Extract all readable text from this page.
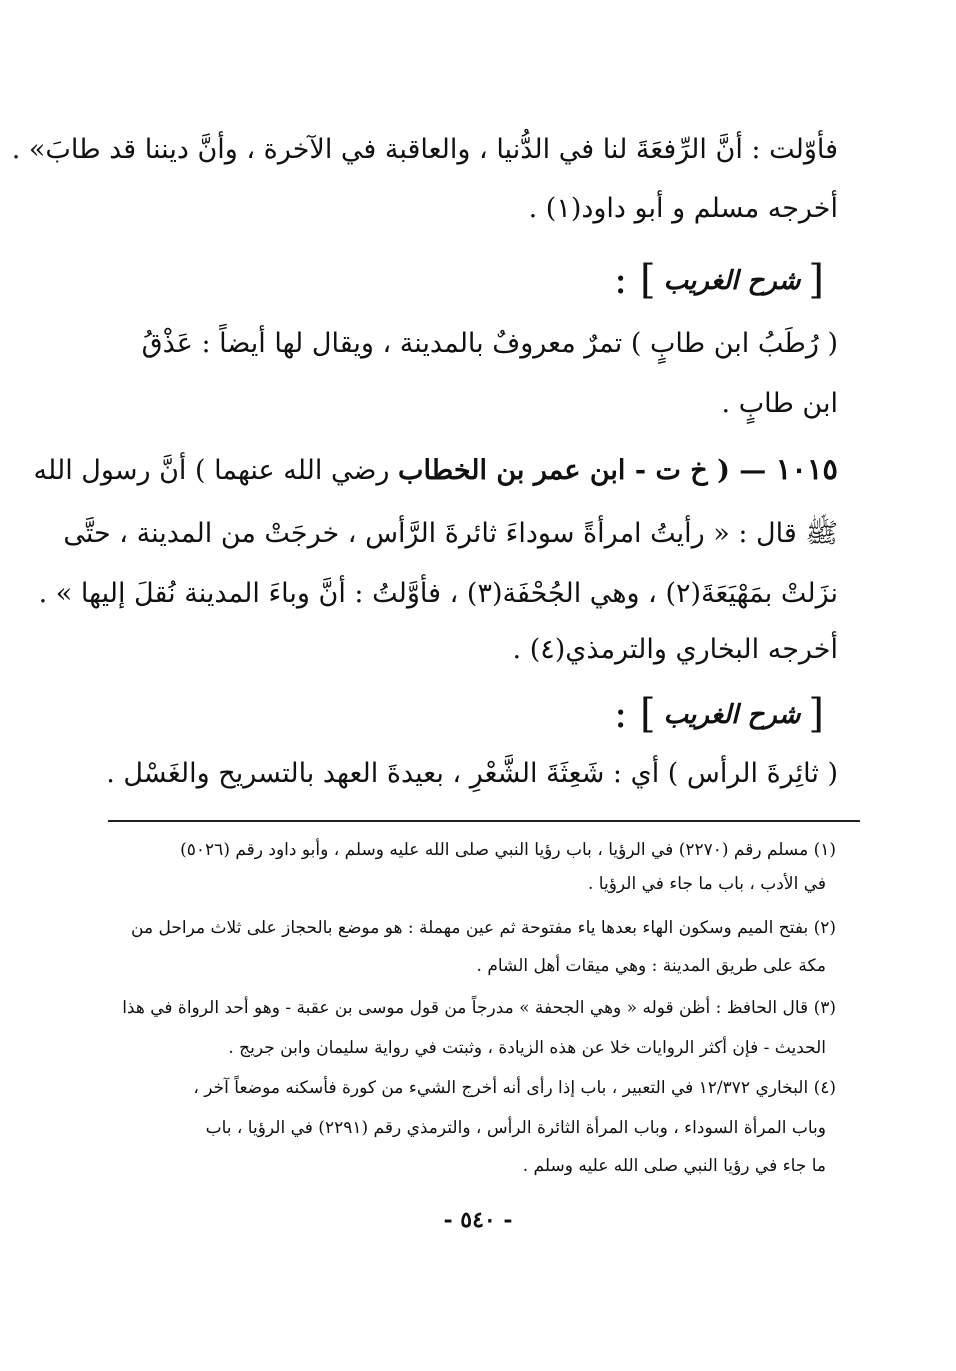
فأوّلت : أنَّ الرِّفعَةَ لنا في الدُّنيا ، والعاقبة في الآخرة ، وأنَّ ديننا قد طابَ» .
أخرجه مسلم و أبو داود(١) .
[شرح الغريب] :
( رُطَبُ ابن طابٍ ) تمرٌ معروفٌ بالمدينة ، ويقال لها أيضاً : عَذْقُ
ابن طابٍ .
١٠١٥ — ( خ ت - ابن عمر بن الخطاب رضي الله عنهما ) أنَّ رسول الله
ﷺ قال : « رأيتُ امرأةً سوداءَ ثائرةَ الرَّأس ، خرجَتْ من المدينة ، حتَّى
نزَلتْ بمَهْيَعَةَ(٢) ، وهي الجُحْفَة(٣) ، فأوَّلتُ : أنَّ وباءَ المدينة نُقلَ إليها » .
أخرجه البخاري والترمذي(٤) .
[شرح الغريب] :
( ثائِرةَ الرأس ) أي : شَعِثَةَ الشَّعْرِ ، بعيدةَ العهد بالتسريح والغَسْل .
(١) مسلم رقم (٢٢٧٠) في الرؤيا ، باب رؤيا النبي صلى الله عليه وسلم ، وأبو داود رقم (٥٠٢٦)
في الأدب ، باب ما جاء في الرؤيا .
(٢) بفتح الميم وسكون الهاء بعدها ياء مفتوحة ثم عين مهملة : هو موضع بالحجاز على ثلاث مراحل من
مكة على طريق المدينة : وهي ميقات أهل الشام .
(٣) قال الحافظ : أظن قوله « وهي الجحفة » مدرجاً من قول موسى بن عقبة - وهو أحد الرواة في هذا
الحديث - فإن أكثر الروايات خلا عن هذه الزيادة ، وثبتت في رواية سليمان وابن جريج .
(٤) البخاري ١٢/٣٧٢ في التعبير ، باب إذا رأى أنه أخرج الشيء من كورة فأسكنه موضعاً آخر ،
وباب المرأة السوداء ، وباب المرأة الثائرة الرأس ، والترمذي رقم (٢٢٩١) في الرؤيا ، باب
ما جاء في رؤيا النبي صلى الله عليه وسلم .
- ٥٤٠ -
